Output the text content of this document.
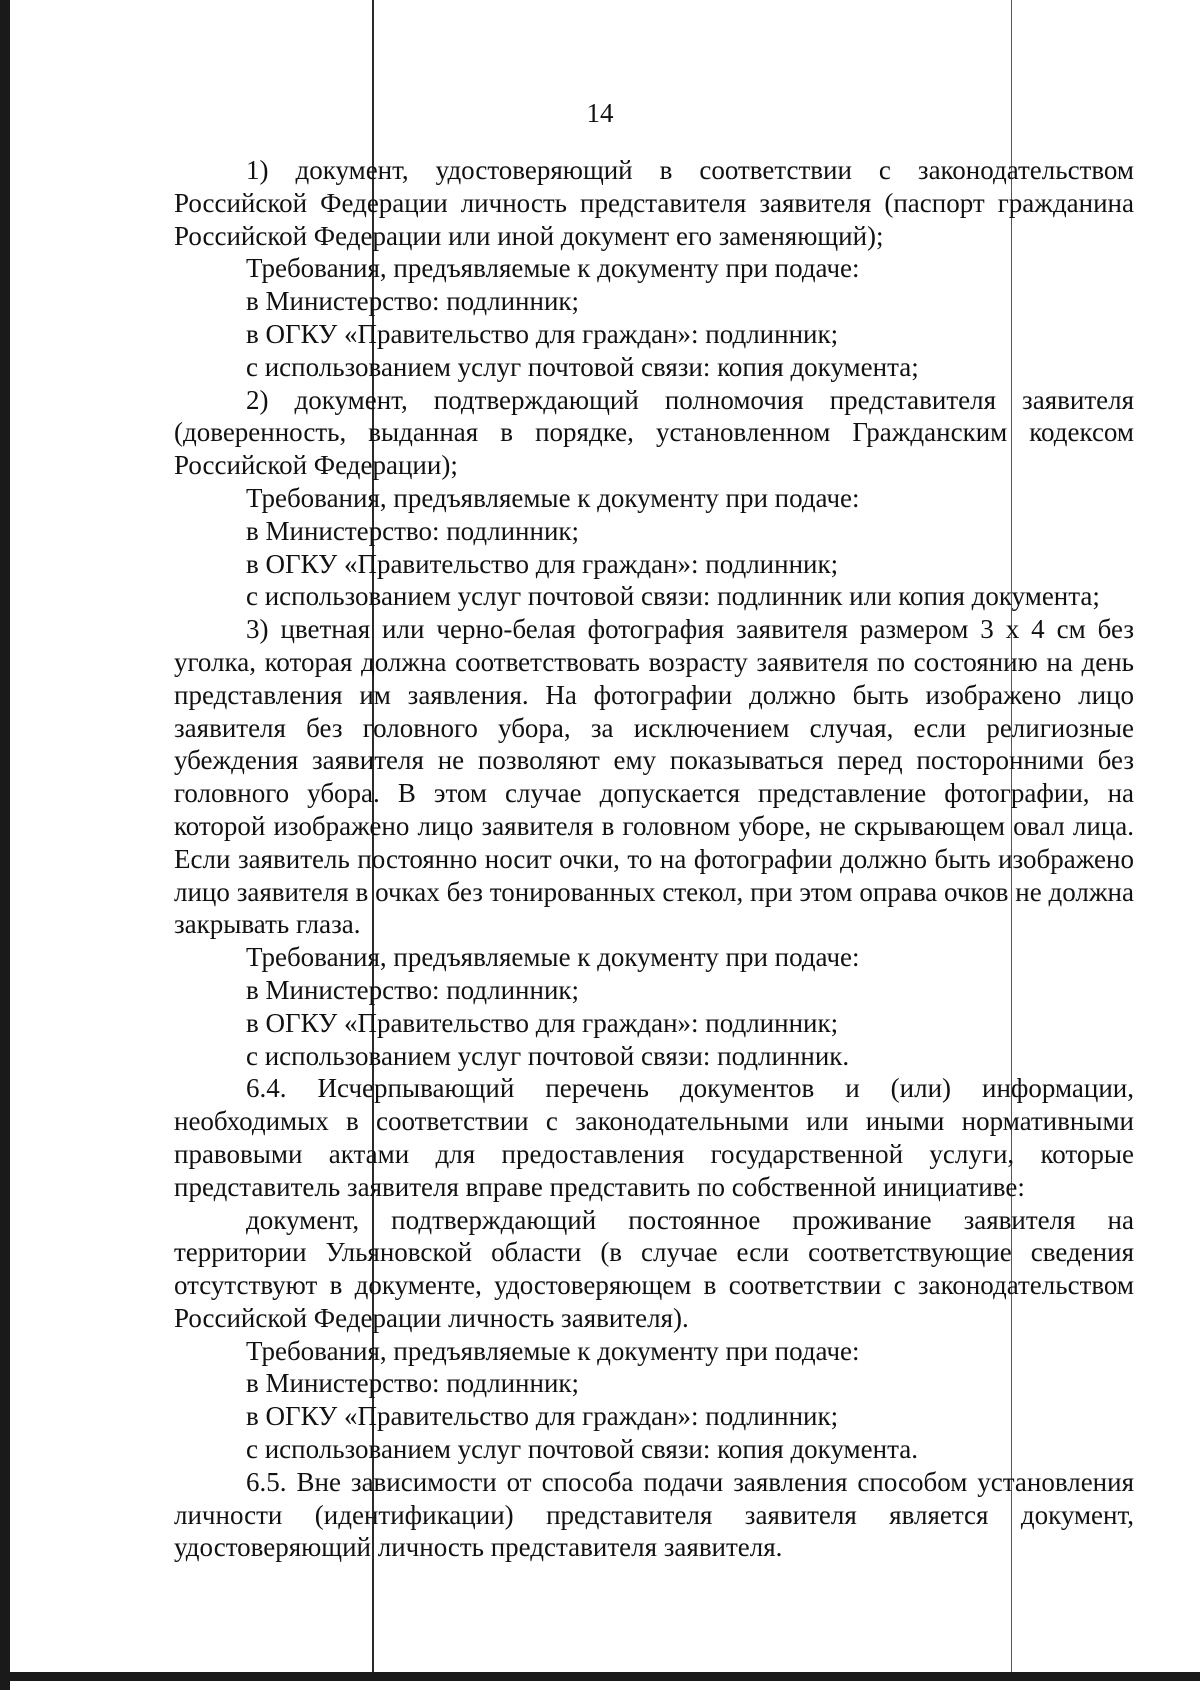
14

1) документ, удостоверяющий в соответствии с законодательством Российской Федерации личность представителя заявителя (паспорт гражданина Российской Федерации или иной документ его заменяющий);

Требования, предъявляемые к документу при подаче:

в Министерство: подлинник;

в ОГКУ «Правительство для граждан»: подлинник;

с использованием услуг почтовой связи: копия документа;

2) документ, подтверждающий полномочия представителя заявителя (доверенность, выданная в порядке, установленном Гражданским кодексом Российской Федерации);

Требования, предъявляемые к документу при подаче:

в Министерство: подлинник;

в ОГКУ «Правительство для граждан»: подлинник;

с использованием услуг почтовой связи: подлинник или копия документа;

3) цветная или черно-белая фотография заявителя размером 3 х 4 см без уголка, которая должна соответствовать возрасту заявителя по состоянию на день представления им заявления. На фотографии должно быть изображено лицо заявителя без головного убора, за исключением случая, если религиозные убеждения заявителя не позволяют ему показываться перед посторонними без головного убора. В этом случае допускается представление фотографии, на которой изображено лицо заявителя в головном уборе, не скрывающем овал лица. Если заявитель постоянно носит очки, то на фотографии должно быть изображено лицо заявителя в очках без тонированных стекол, при этом оправа очков не должна закрывать глаза.

Требования, предъявляемые к документу при подаче:

в Министерство: подлинник;

в ОГКУ «Правительство для граждан»: подлинник;

с использованием услуг почтовой связи: подлинник.

6.4. Исчерпывающий перечень документов и (или) информации, необходимых в соответствии с законодательными или иными нормативными правовыми актами для предоставления государственной услуги, которые представитель заявителя вправе представить по собственной инициативе:

документ, подтверждающий постоянное проживание заявителя на территории Ульяновской области (в случае если соответствующие сведения отсутствуют в документе, удостоверяющем в соответствии с законодательством Российской Федерации личность заявителя).

Требования, предъявляемые к документу при подаче:

в Министерство: подлинник;

в ОГКУ «Правительство для граждан»: подлинник;

с использованием услуг почтовой связи: копия документа.

6.5. Вне зависимости от способа подачи заявления способом установления личности (идентификации) представителя заявителя является документ, удостоверяющий личность представителя заявителя.
